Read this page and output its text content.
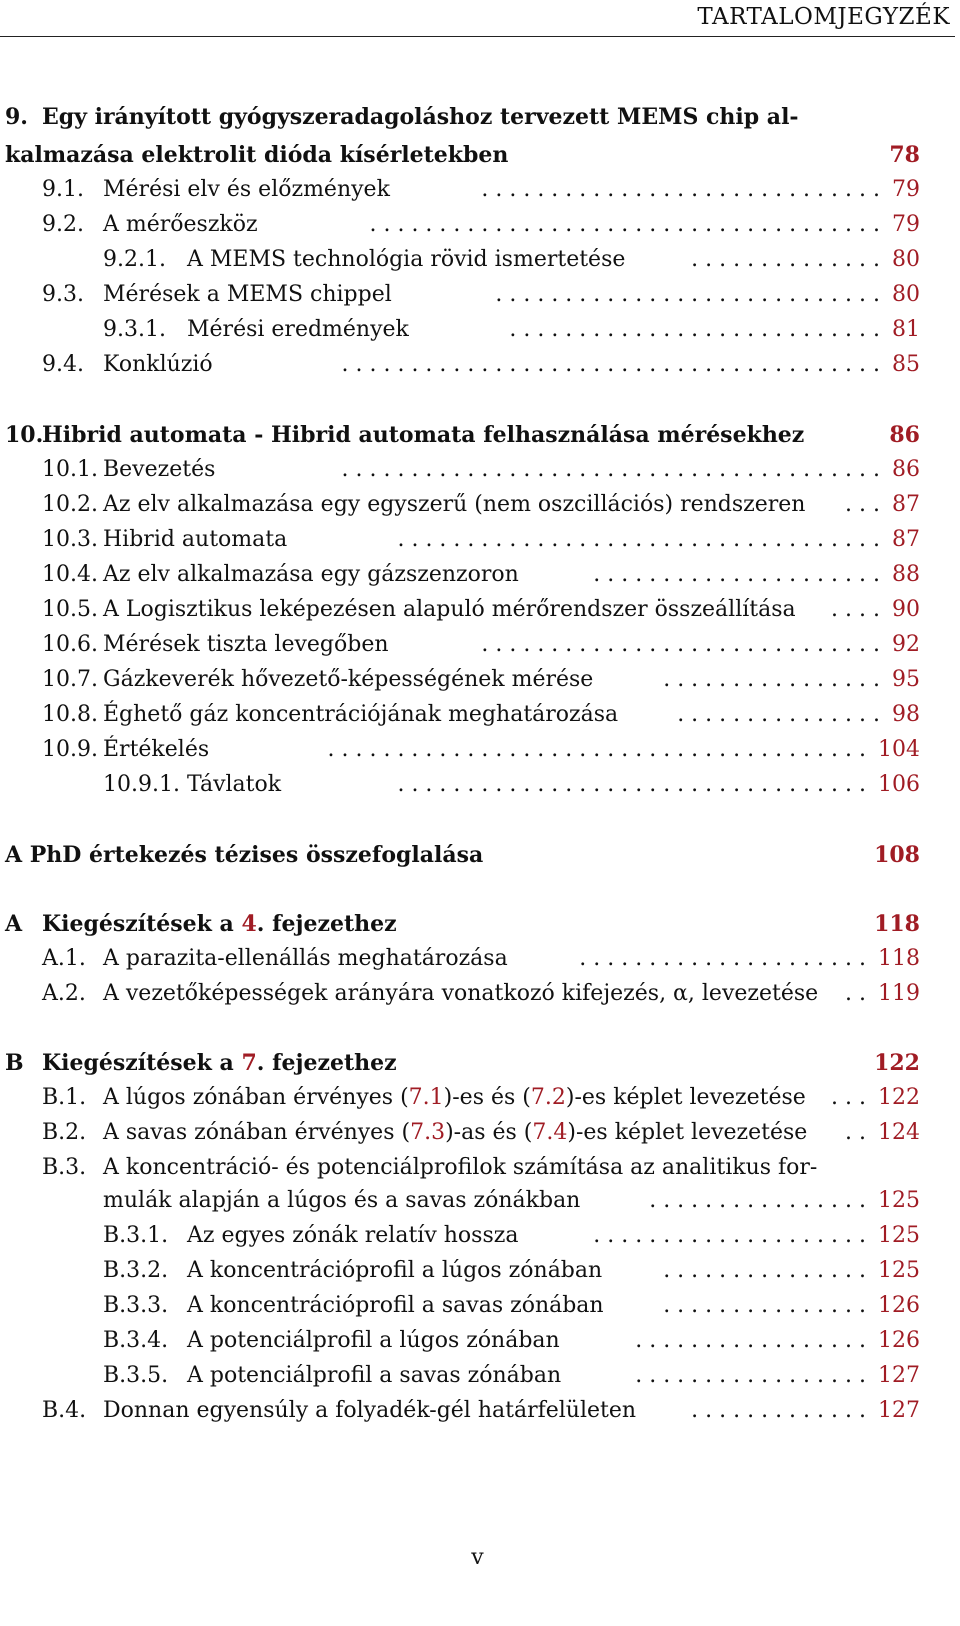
TARTALOMJEGYZÉK
9. Egy irányított gyógyszeradagoláshoz tervezett MEMS chip al-
kalmazása elektrolit dióda kísérletekben	78
9.1. Mérési elv és előzmények	79
. . . . . . . . . . . . . . . . . . . . . . . . . . . . .
9.2. A mérőeszköz	79
. . . . . . . . . . . . . . . . . . . . . . . . . . . . . . . . . . . . .
9.2.1. A MEMS technológia rövid ismertetése	80
. . . . . . . . . . . . . .
9.3. Mérések a MEMS chippel	80
. . . . . . . . . . . . . . . . . . . . . . . . . . . .
9.3.1. Mérési eredmények	81
. . . . . . . . . . . . . . . . . . . . . . . . . . .
9.4. Konklúzió	85
. . . . . . . . . . . . . . . . . . . . . . . . . . . . . . . . . . . . . . .
10.
Hibrid automata - Hibrid automata felhasználása mérésekhez	86
10.1. Bevezetés	86
. . . . . . . . . . . . . . . . . . . . . . . . . . . . . . . . . . . . . . .
10.2. Az elv alkalmazása egy egyszerű (nem oszcillációs) rendszeren	87
. . .
10.3. Hibrid automata	87
. . . . . . . . . . . . . . . . . . . . . . . . . . . . . . . . . . .
10.4. Az elv alkalmazása egy gázszenzoron	88
. . . . . . . . . . . . . . . . . . . . .
10.5. A Logisztikus leképezésen alapuló mérőrendszer összeállítása	90
. . . .
10.6. Mérések tiszta levegőben	92
. . . . . . . . . . . . . . . . . . . . . . . . . . . . .
10.7. Gázkeverék hővezető-képességének mérése	95
. . . . . . . . . . . . . . . .
10.8. Éghető gáz koncentrációjának meghatározása	98
. . . . . . . . . . . . . . .
10.9. Értékelés	104
. . . . . . . . . . . . . . . . . . . . . . . . . . . . . . . . . . . . . . .
10.9.1. Távlatok	106
. . . . . . . . . . . . . . . . . . . . . . . . . . . . . . . . . .
A PhD értekezés tézises összefoglalása	108
A Kiegészítések a 4. fejezethez	118
A.1. A parazita-ellenállás meghatározása	118
. . . . . . . . . . . . . . . . . . . . .
A.2. A vezetőképességek arányára vonatkozó kifejezés, α, levezetése	119
. .
B Kiegészítések a 7. fejezethez	122
B.1. A lúgos zónában érvényes (7.1)-es és (7.2)-es képlet levezetése	122
. . .
B.2. A savas zónában érvényes (7.3)-as és (7.4)-es képlet levezetése	124
. .
B.3. A koncentráció- és potenciálprofilok számítása az analitikus for-
mulák alapján a lúgos és a savas zónákban	125
. . . . . . . . . . . . . . . .
B.3.1. Az egyes zónák relatív hossza	125
. . . . . . . . . . . . . . . . . . . .
B.3.2. A koncentrációprofil a lúgos zónában	125
. . . . . . . . . . . . . . .
B.3.3. A koncentrációprofil a savas zónában	126
. . . . . . . . . . . . . . .
B.3.4. A potenciálprofil a lúgos zónában	126
. . . . . . . . . . . . . . . . .
B.3.5. A potenciálprofil a savas zónában	127
. . . . . . . . . . . . . . . . .
B.4. Donnan egyensúly a folyadék-gél határfelületen	127
. . . . . . . . . . . . .
v
